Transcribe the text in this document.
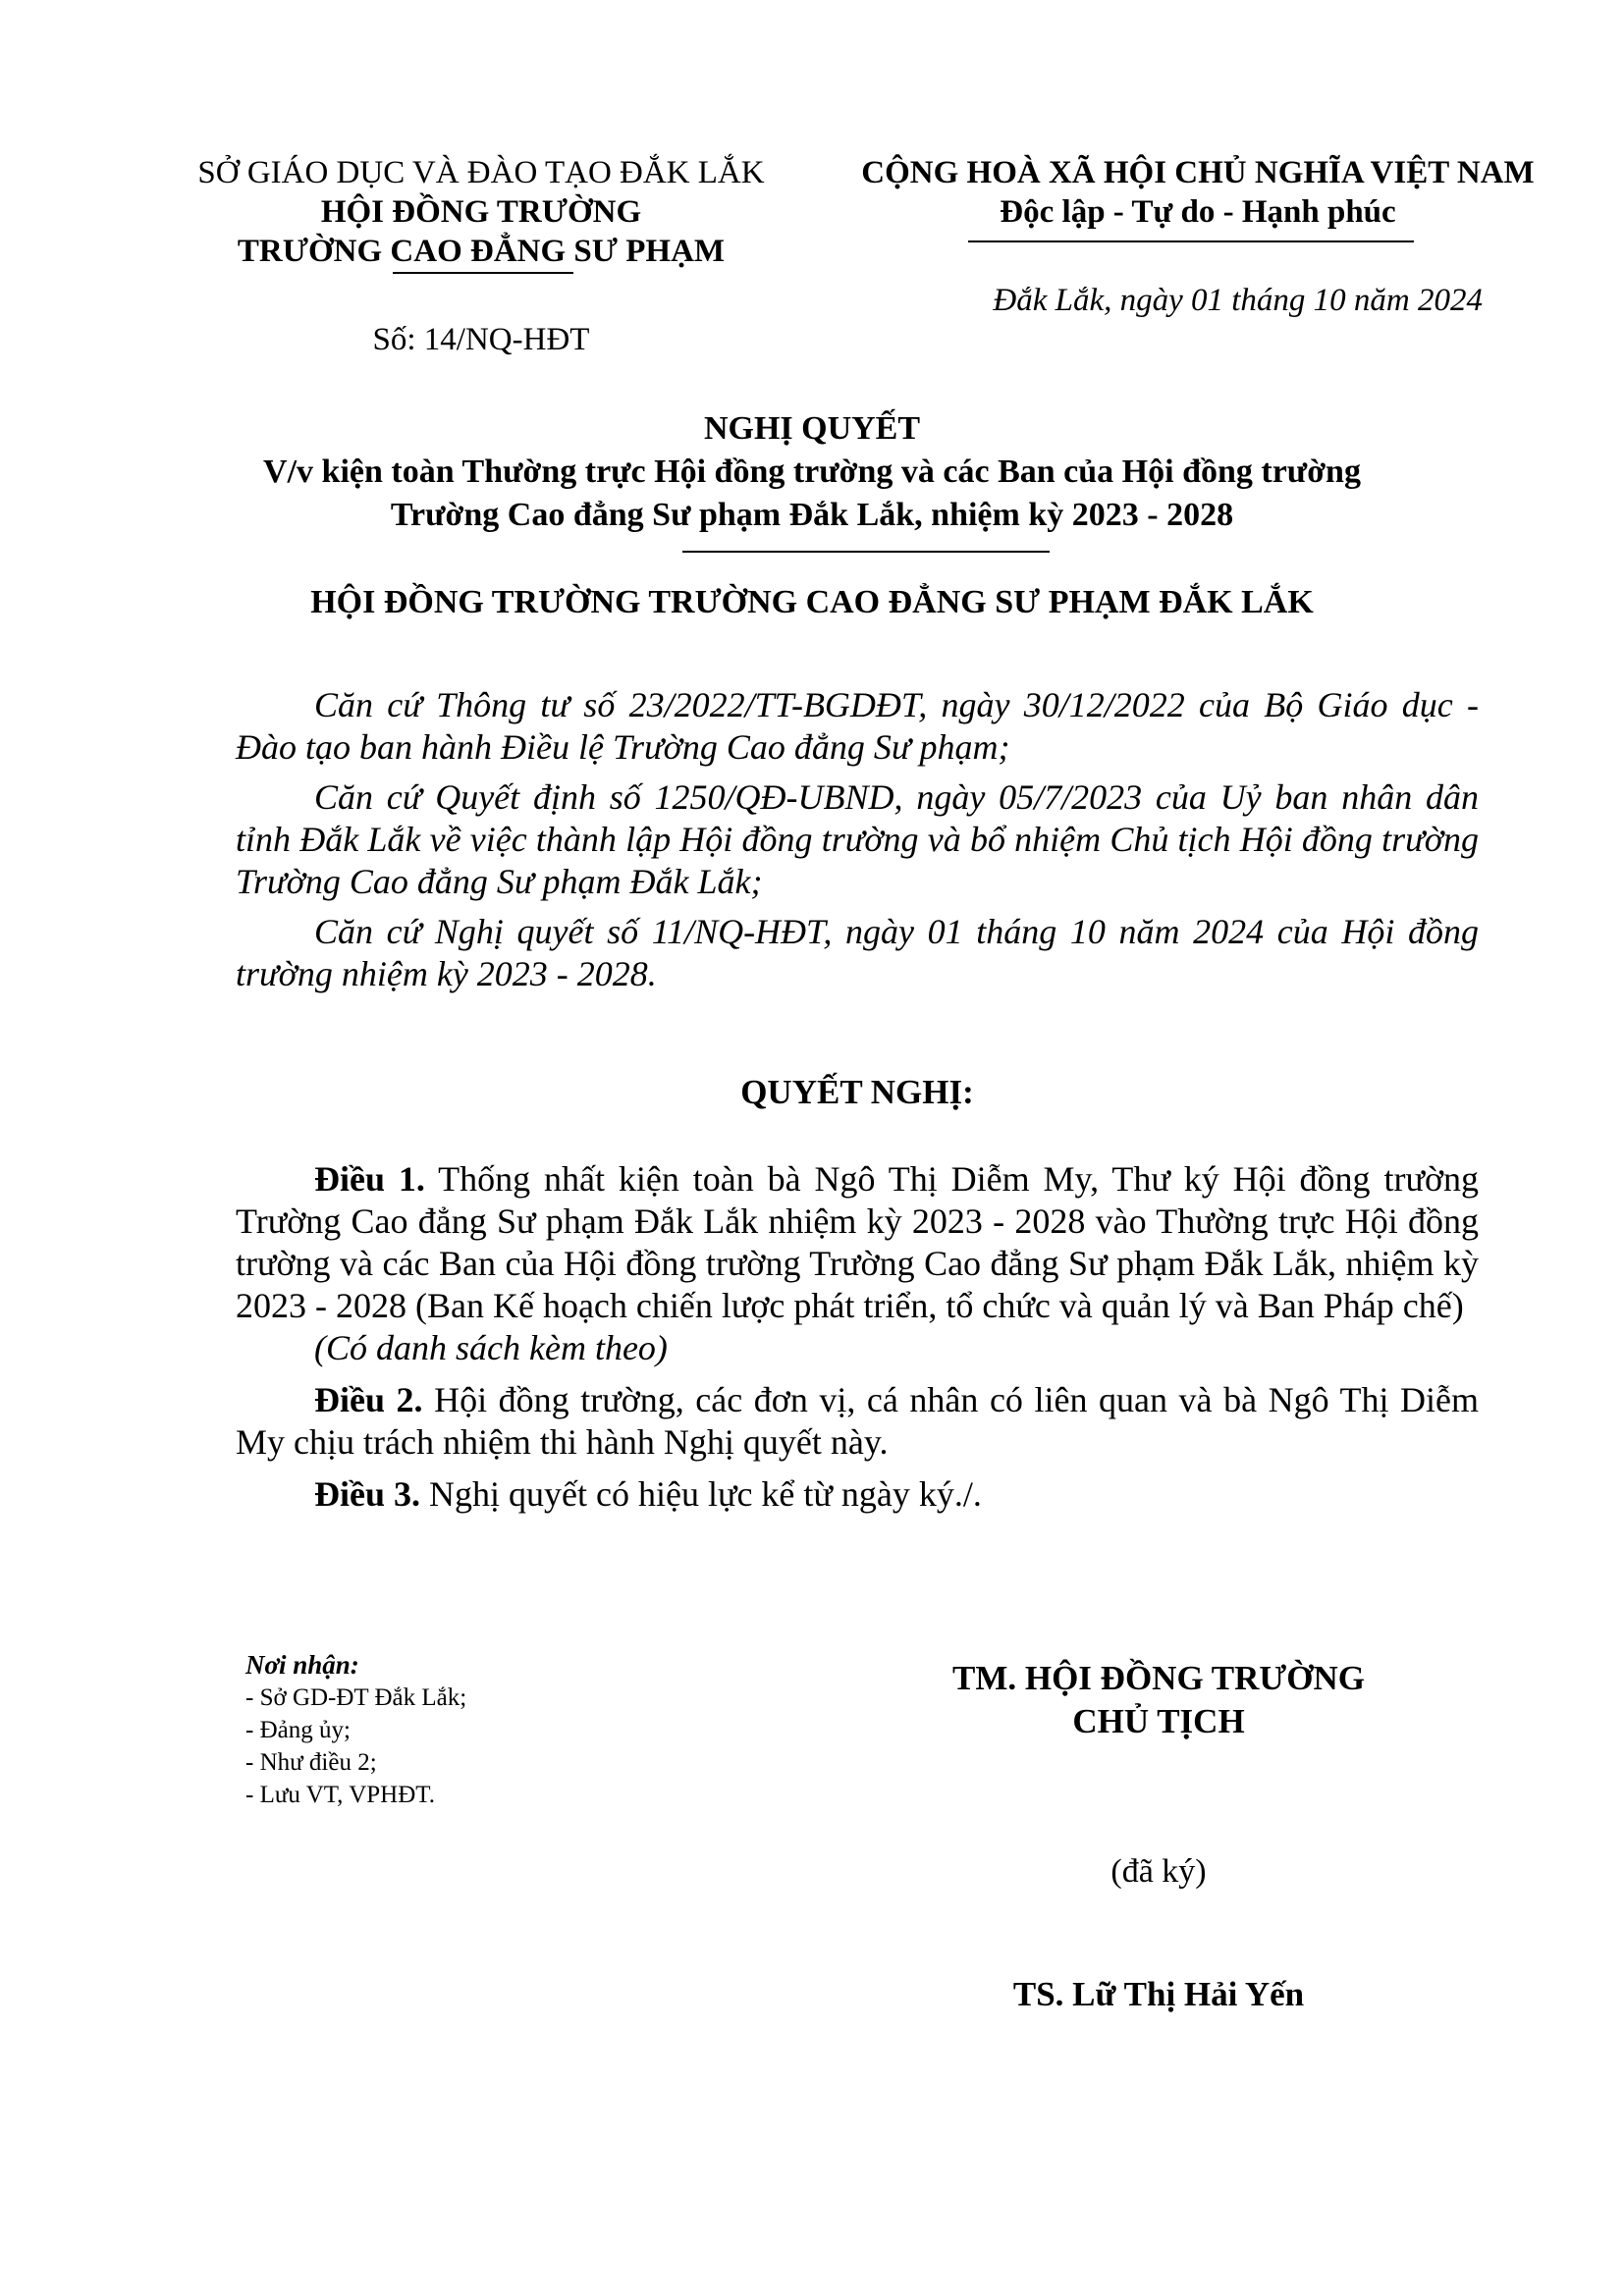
SỞ GIÁO DỤC VÀ ĐÀO TẠO ĐẮK LẮK
HỘI ĐỒNG TRƯỜNG
TRƯỜNG CAO ĐẲNG SƯ PHẠM
Số: 14/NQ-HĐT
CỘNG HOÀ XÃ HỘI CHỦ NGHĨA VIỆT NAM
Độc lập - Tự do - Hạnh phúc
Đắk Lắk, ngày 01 tháng 10 năm 2024
NGHỊ QUYẾT
V/v kiện toàn Thường trực Hội đồng trường và các Ban của Hội đồng trường
Trường Cao đẳng Sư phạm Đắk Lắk, nhiệm kỳ 2023 - 2028
HỘI ĐỒNG TRƯỜNG TRƯỜNG CAO ĐẲNG SƯ PHẠM ĐẮK LẮK

Căn cứ Thông tư số 23/2022/TT-BGDĐT, ngày 30/12/2022 của Bộ Giáo dục - Đào tạo ban hành Điều lệ Trường Cao đẳng Sư phạm;

Căn cứ Quyết định số 1250/QĐ-UBND, ngày 05/7/2023 của Uỷ ban nhân dân tỉnh Đắk Lắk về việc thành lập Hội đồng trường và bổ nhiệm Chủ tịch Hội đồng trường Trường Cao đẳng Sư phạm Đắk Lắk;

Căn cứ Nghị quyết số 11/NQ-HĐT, ngày 01 tháng 10 năm 2024 của Hội đồng trường nhiệm kỳ 2023 - 2028.

QUYẾT NGHỊ:

Điều 1. Thống nhất kiện toàn bà Ngô Thị Diễm My, Thư ký Hội đồng trường Trường Cao đẳng Sư phạm Đắk Lắk nhiệm kỳ 2023 - 2028 vào Thường trực Hội đồng trường và các Ban của Hội đồng trường Trường Cao đẳng Sư phạm Đắk Lắk, nhiệm kỳ 2023 - 2028 (Ban Kế hoạch chiến lược phát triển, tổ chức và quản lý và Ban Pháp chế)

(Có danh sách kèm theo)

Điều 2. Hội đồng trường, các đơn vị, cá nhân có liên quan và bà Ngô Thị Diễm My chịu trách nhiệm thi hành Nghị quyết này.

Điều 3. Nghị quyết có hiệu lực kể từ ngày ký./.

Nơi nhận:
- Sở GD-ĐT Đắk Lắk;
- Đảng ủy;
- Như điều 2;
- Lưu VT, VPHĐT.
TM. HỘI ĐỒNG TRƯỜNG
CHỦ TỊCH
(đã ký)
TS. Lữ Thị Hải Yến
